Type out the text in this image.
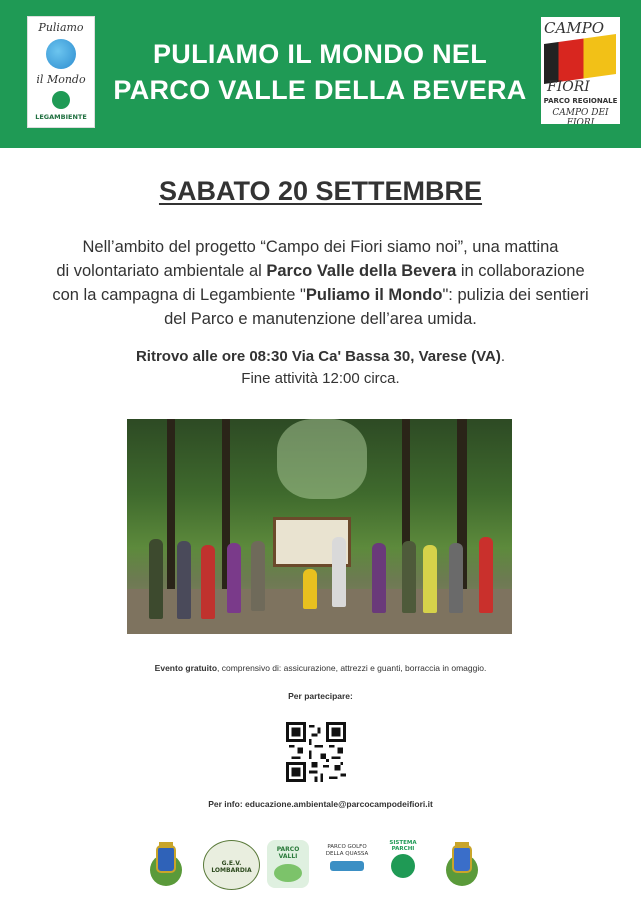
Puliamo
il Mondo
LEGAMBIENTE
PULIAMO IL MONDO NEL
PARCO VALLE DELLA BEVERA
CAMPO
FIORI
PARCO REGIONALE
CAMPO DEI FIORI
SABATO 20 SETTEMBRE
Nell’ambito del progetto “Campo dei Fiori siamo noi”, una mattina
di volontariato ambientale al Parco Valle della Bevera in collaborazione
con la campagna di Legambiente "Puliamo il Mondo": pulizia dei sentieri
del Parco e manutenzione dell’area umida.
Ritrovo alle ore 08:30 Via Ca' Bassa 30, Varese (VA).
Fine attività 12:00 circa.
Evento gratuito, comprensivo di: assicurazione, attrezzi e guanti, borraccia in omaggio.
Per partecipare:
Per info: educazione.ambientale@parcocampodeifiori.it
G.E.V. LOMBARDIA
PARCO VALLI
PARCO GOLFO DELLA QUASSA
SISTEMA PARCHI
